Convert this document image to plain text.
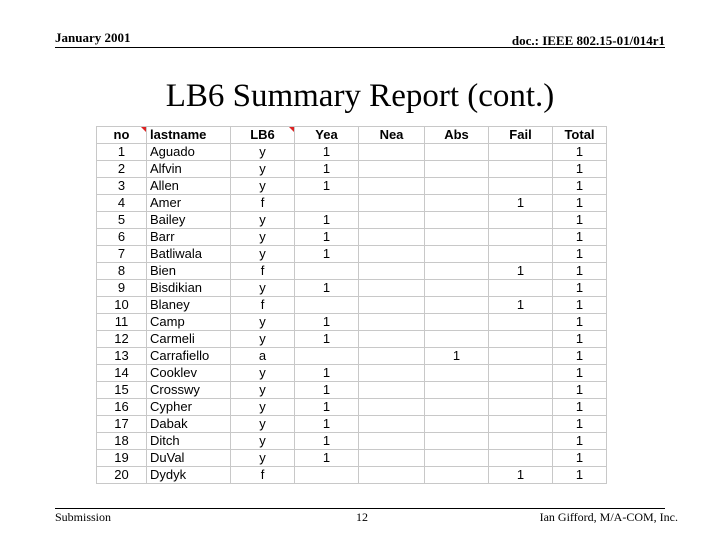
January 2001	doc.: IEEE 802.15-01/014r1
LB6 Summary Report (cont.)
no	lastname	LB6	Yea	Nea	Abs	Fail	Total
1	Aguado	y	1				1
2	Alfvin	y	1				1
3	Allen	y	1				1
4	Amer	f				1	1
5	Bailey	y	1				1
6	Barr	y	1				1
7	Batliwala	y	1				1
8	Bien	f				1	1
9	Bisdikian	y	1				1
10	Blaney	f				1	1
11	Camp	y	1				1
12	Carmeli	y	1				1
13	Carrafiello	a			1		1
14	Cooklev	y	1				1
15	Crosswy	y	1				1
16	Cypher	y	1				1
17	Dabak	y	1				1
18	Ditch	y	1				1
19	DuVal	y	1				1
20	Dydyk	f				1	1
Submission	12	Ian Gifford, M/A-COM, Inc.
